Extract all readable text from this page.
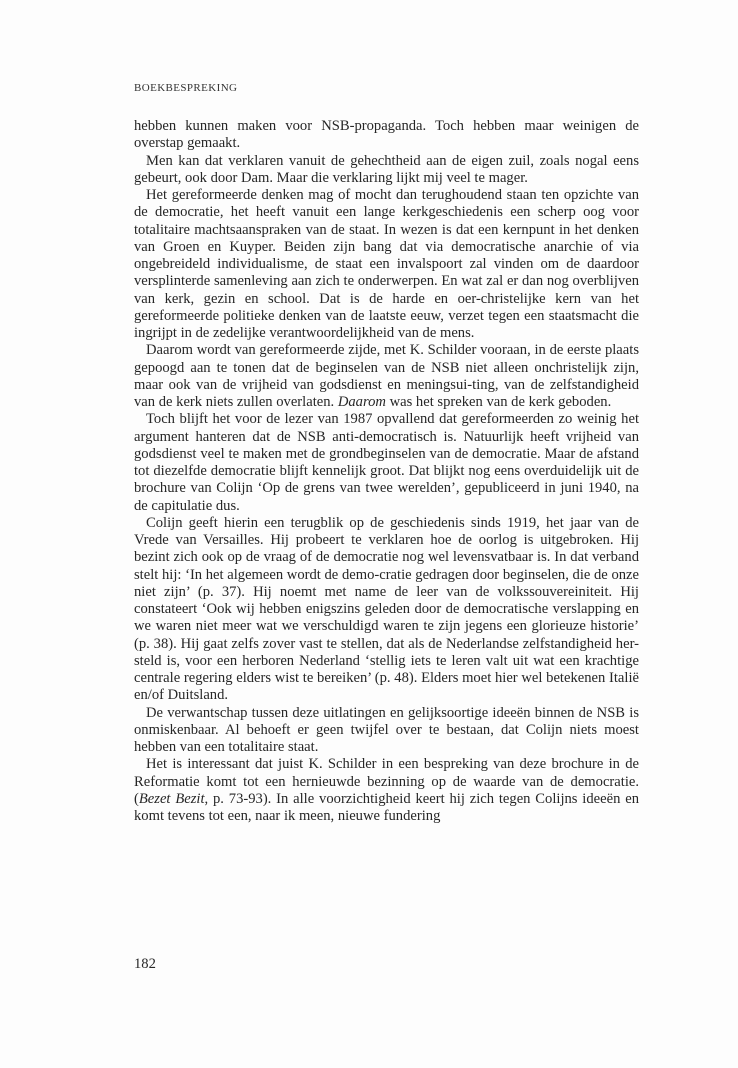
BOEKBESPREKING

hebben kunnen maken voor NSB-propaganda. Toch hebben maar weinigen de overstap gemaakt.

Men kan dat verklaren vanuit de gehechtheid aan de eigen zuil, zoals nogal eens gebeurt, ook door Dam. Maar die verklaring lijkt mij veel te mager.

Het gereformeerde denken mag of mocht dan terughoudend staan ten opzichte van de democratie, het heeft vanuit een lange kerkgeschiedenis een scherp oog voor totalitaire machtsaanspraken van de staat. In wezen is dat een kernpunt in het denken van Groen en Kuyper. Beiden zijn bang dat via democratische anarchie of via ongebreideld individualisme, de staat een invalspoort zal vinden om de daardoor versplinterde samenleving aan zich te onderwerpen. En wat zal er dan nog overblijven van kerk, gezin en school. Dat is de harde en oer-christelijke kern van het gereformeerde politieke denken van de laatste eeuw, verzet tegen een staatsmacht die ingrijpt in de zedelijke verantwoordelijkheid van de mens.

Daarom wordt van gereformeerde zijde, met K. Schilder vooraan, in de eerste plaats gepoogd aan te tonen dat de beginselen van de NSB niet alleen onchristelijk zijn, maar ook van de vrijheid van godsdienst en meningsui-ting, van de zelfstandigheid van de kerk niets zullen overlaten. Daarom was het spreken van de kerk geboden.

Toch blijft het voor de lezer van 1987 opvallend dat gereformeerden zo weinig het argument hanteren dat de NSB anti-democratisch is. Natuurlijk heeft vrijheid van godsdienst veel te maken met de grondbeginselen van de democratie. Maar de afstand tot diezelfde democratie blijft kennelijk groot. Dat blijkt nog eens overduidelijk uit de brochure van Colijn ‘Op de grens van twee werelden’, gepubliceerd in juni 1940, na de capitulatie dus.

Colijn geeft hierin een terugblik op de geschiedenis sinds 1919, het jaar van de Vrede van Versailles. Hij probeert te verklaren hoe de oorlog is uitgebroken. Hij bezint zich ook op de vraag of de democratie nog wel levensvatbaar is. In dat verband stelt hij: ‘In het algemeen wordt de demo-cratie gedragen door beginselen, die de onze niet zijn’ (p. 37). Hij noemt met name de leer van de volkssouvereiniteit. Hij constateert ‘Ook wij hebben enigszins geleden door de democratische verslapping en we waren niet meer wat we verschuldigd waren te zijn jegens een glorieuze historie’ (p. 38). Hij gaat zelfs zover vast te stellen, dat als de Nederlandse zelfstandigheid her-steld is, voor een herboren Nederland ‘stellig iets te leren valt uit wat een krachtige centrale regering elders wist te bereiken’ (p. 48). Elders moet hier wel betekenen Italië en/of Duitsland.

De verwantschap tussen deze uitlatingen en gelijksoortige ideeën binnen de NSB is onmiskenbaar. Al behoeft er geen twijfel over te bestaan, dat Colijn niets moest hebben van een totalitaire staat.

Het is interessant dat juist K. Schilder in een bespreking van deze brochure in de Reformatie komt tot een hernieuwde bezinning op de waarde van de democratie. (Bezet Bezit, p. 73-93). In alle voorzichtigheid keert hij zich tegen Colijns ideeën en komt tevens tot een, naar ik meen, nieuwe fundering

182
